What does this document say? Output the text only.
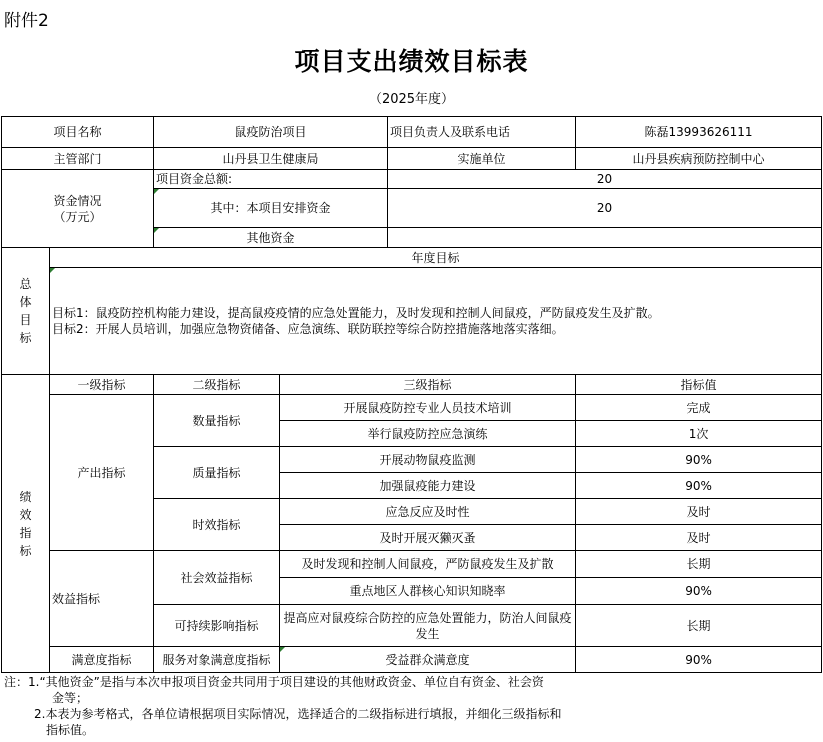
附件2
项目支出绩效目标表
（2025年度）
项目名称		鼠疫防治项目		项目负责人及联系电话	陈磊13993626111
主管部门		山丹县卫生健康局		实施单位	山丹县疾病预防控制中心

资金情况
（万元）		项目资金总额:		20	
		其中：本项目安排资金		20	
		其他资金			

总
体
目
标	年度目标				

	目标1：鼠疫防控机构能力建设，提高鼠疫疫情的应急处置能力，及时发现和控制人间鼠疫，严防鼠疫发生及扩散。
目标2：开展人员培训，加强应急物资储备、应急演练、联防联控等综合防控措施落地落实落细。				

绩
效
指
标	一级指标	二级指标	三级指标		指标值
	产出指标	数量指标	开展鼠疫防控专业人员技术培训		完成
			举行鼠疫防控应急演练		1次
		质量指标	开展动物鼠疫监测		90%
			加强鼠疫能力建设		90%
		时效指标	应急反应及时性		及时
			及时开展灭獭灭蚤		及时
	效益指标	社会效益指标	及时发现和控制人间鼠疫，严防鼠疫发生及扩散		长期
			重点地区人群核心知识知晓率		90%
		可持续影响指标	提高应对鼠疫综合防控的应急处置能力，防治人间鼠疫发生		长期
	满意度指标	服务对象满意度指标	受益群众满意度		90%
注： 1.“其他资金”是指与本次申报项目资金共同用于项目建设的其他财政资金、单位自有资金、社会资
金等；
2.本表为参考格式，各单位请根据项目实际情况，选择适合的二级指标进行填报，并细化三级指标和
指标值。
